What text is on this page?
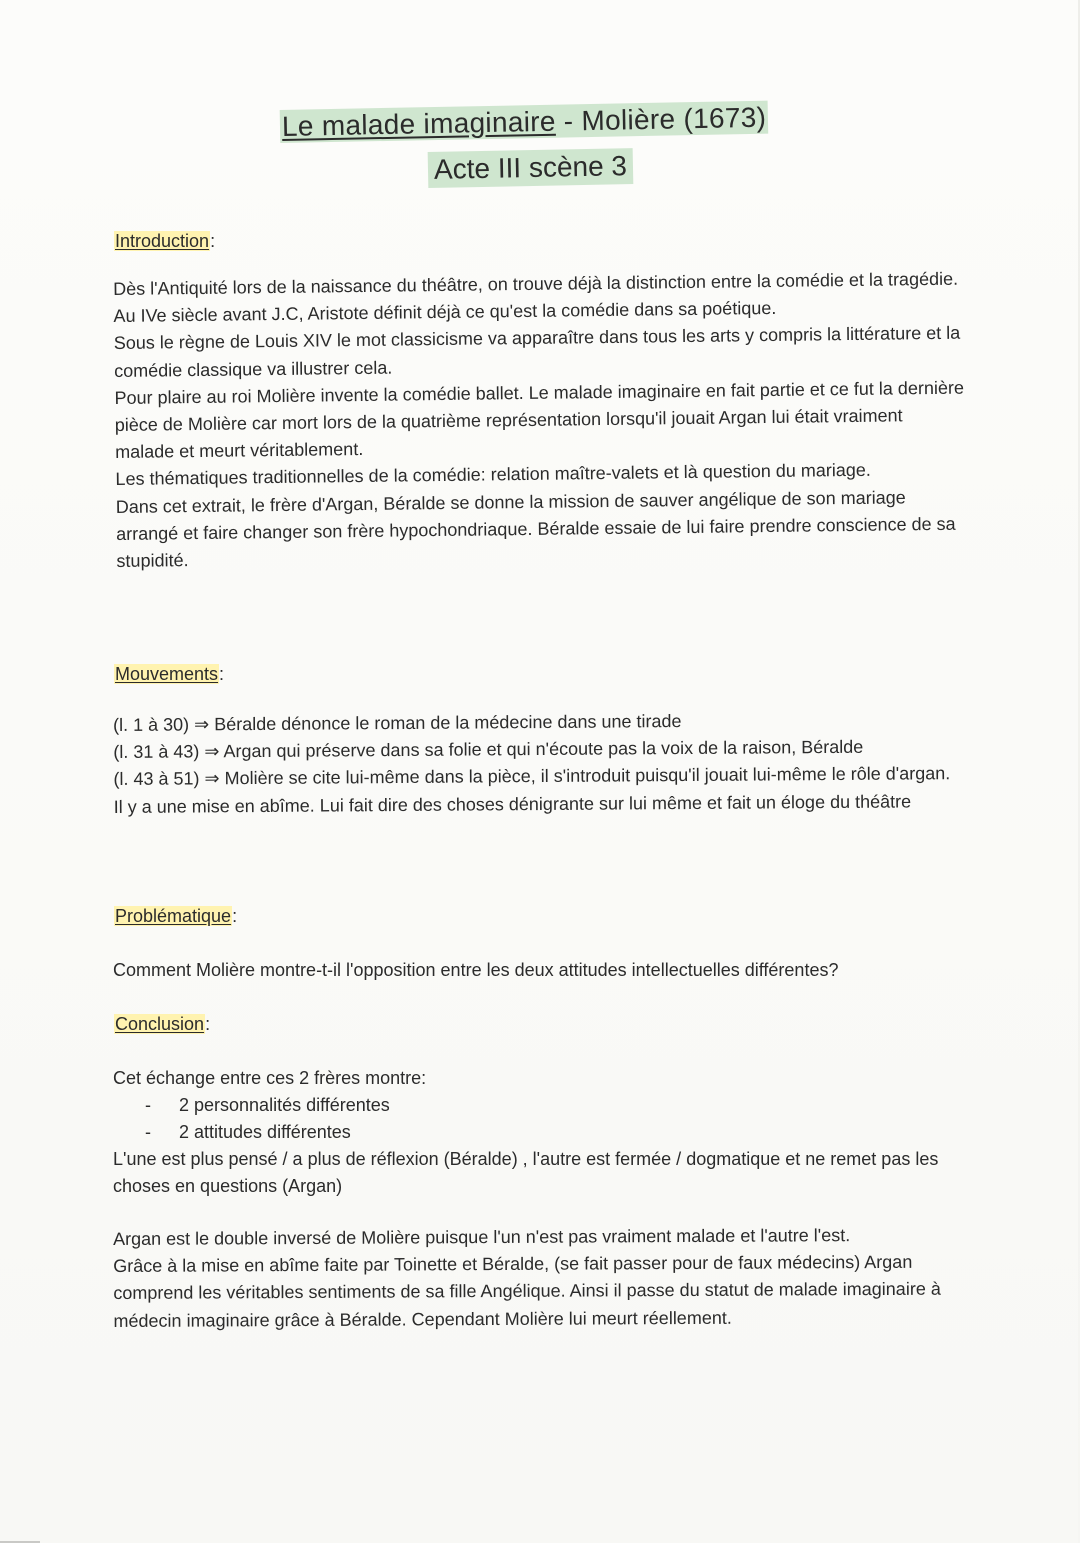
Le malade imaginaire - Molière (1673)
Acte III scène 3
Introduction:

Dès l'Antiquité lors de la naissance du théâtre, on trouve déjà la distinction entre la comédie et la tragédie.

Au IVe siècle avant J.C, Aristote définit déjà ce qu'est la comédie dans sa poétique.

Sous le règne de Louis XIV le mot classicisme va apparaître dans tous les arts y compris la littérature et la comédie classique va illustrer cela.

Pour plaire au roi Molière invente la comédie ballet. Le malade imaginaire en fait partie et ce fut la dernière pièce de Molière car mort lors de la quatrième représentation lorsqu'il jouait Argan lui était vraiment malade et meurt véritablement.

Les thématiques traditionnelles de la comédie: relation maître-valets et là question du mariage.

Dans cet extrait, le frère d'Argan, Béralde se donne la mission de sauver angélique de son mariage arrangé et faire changer son frère hypochondriaque. Béralde essaie de lui faire prendre conscience de sa stupidité.

Mouvements:

(l. 1 à 30) ⇒ Béralde dénonce le roman de la médecine dans une tirade

(l. 31 à 43) ⇒ Argan qui préserve dans sa folie et qui n'écoute pas la voix de la raison, Béralde

(l. 43 à 51) ⇒ Molière se cite lui-même dans la pièce, il s'introduit puisqu'il jouait lui-même le rôle d'argan. Il y a une mise en abîme. Lui fait dire des choses dénigrante sur lui même et fait un éloge du théâtre

Problématique:

Comment Molière montre-t-il l'opposition entre les deux attitudes intellectuelles différentes?

Conclusion:

Cet échange entre ces 2 frères montre:

- 2 personnalités différentes
- 2 attitudes différentes

L'une est plus pensé / a plus de réflexion (Béralde) , l'autre est fermée / dogmatique et ne remet pas les choses en questions (Argan)

Argan est le double inversé de Molière puisque l'un n'est pas vraiment malade et l'autre l'est.

Grâce à la mise en abîme faite par Toinette et Béralde, (se fait passer pour de faux médecins) Argan comprend les véritables sentiments de sa fille Angélique. Ainsi il passe du statut de malade imaginaire à médecin imaginaire grâce à Béralde. Cependant Molière lui meurt réellement.
